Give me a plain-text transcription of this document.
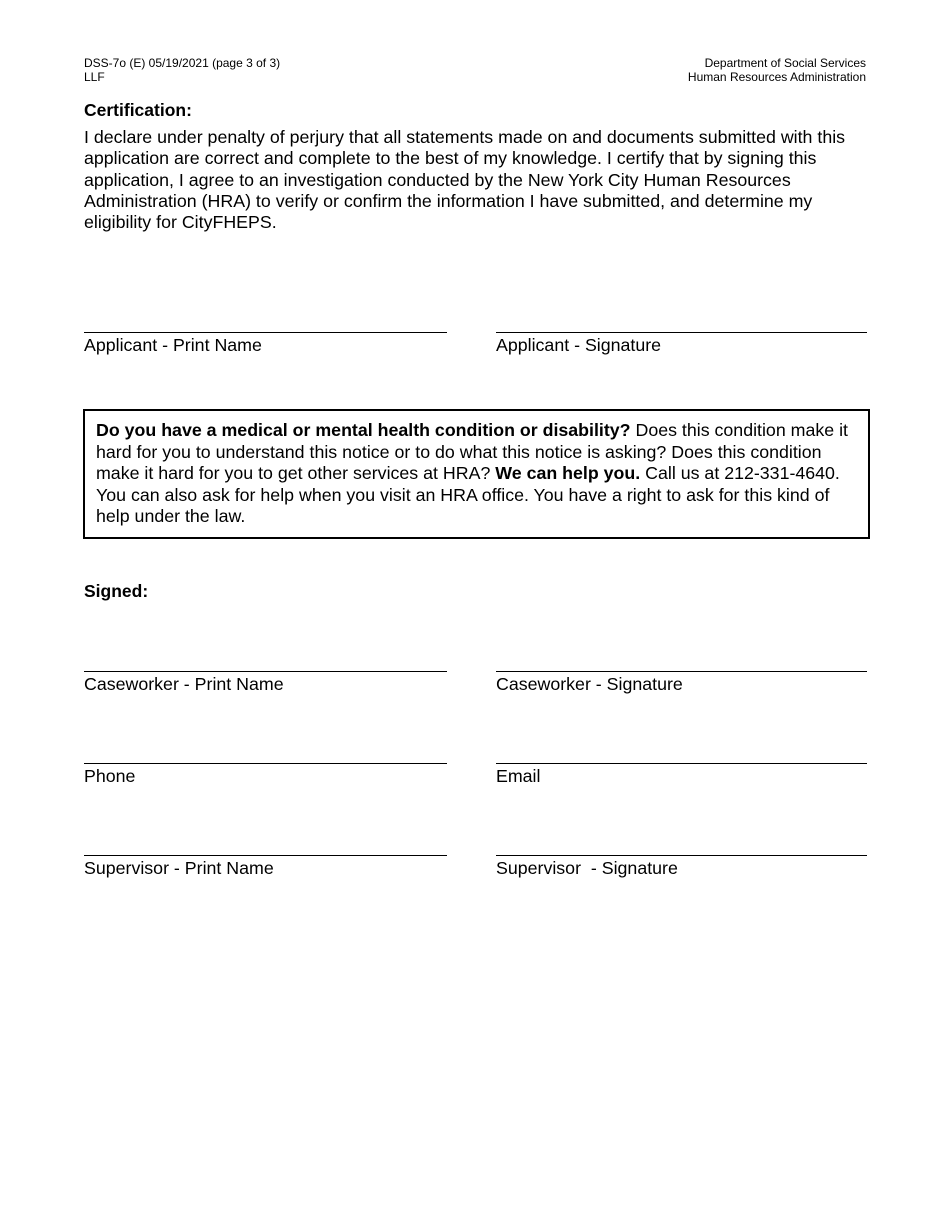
DSS-7o (E) 05/19/2021 (page 3 of 3)
LLF
Department of Social Services
Human Resources Administration
Certification:
I declare under penalty of perjury that all statements made on and documents submitted with this application are correct and complete to the best of my knowledge. I certify that by signing this application, I agree to an investigation conducted by the New York City Human Resources Administration (HRA) to verify or confirm the information I have submitted, and determine my eligibility for CityFHEPS.
Applicant - Print Name	Applicant - Signature
Do you have a medical or mental health condition or disability? Does this condition make it hard for you to understand this notice or to do what this notice is asking? Does this condition make it hard for you to get other services at HRA? We can help you. Call us at 212-331-4640. You can also ask for help when you visit an HRA office. You have a right to ask for this kind of help under the law.
Signed:
Caseworker - Print Name	Caseworker - Signature
Phone	Email
Supervisor - Print Name	Supervisor  - Signature
